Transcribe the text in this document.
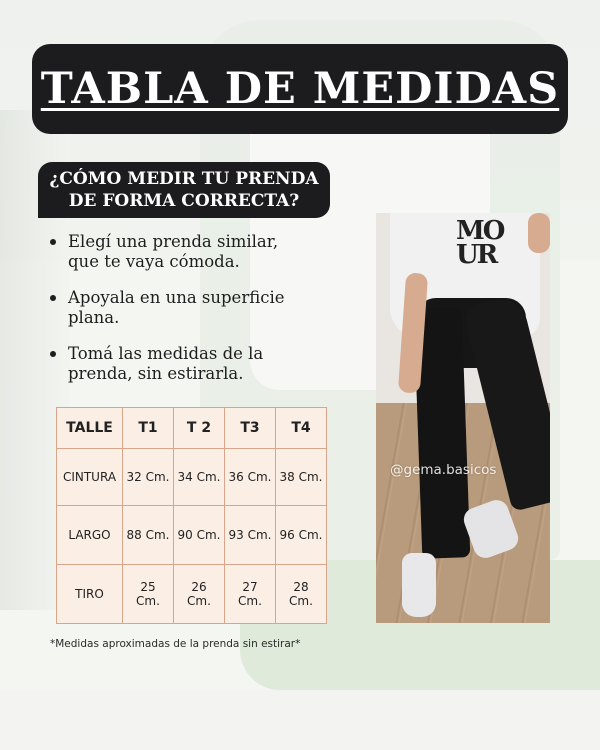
TABLA DE MEDIDAS
¿CÓMO MEDIR TU PRENDA
DE FORMA CORRECTA?
Elegí una prenda similar, que te vaya cómoda.
Apoyala en una superficie plana.
Tomá las medidas de la prenda, sin estirarla.
TALLE	T1	T 2	T3	T4
CINTURA	32 Cm.	34 Cm.	36 Cm.	38 Cm.
LARGO	88 Cm.	90 Cm.	93 Cm.	96 Cm.
TIRO	25 Cm.	26 Cm.	27 Cm.	28 Cm.
*Medidas aproximadas de la prenda sin estirar*
MO UR
@gema.basicos
